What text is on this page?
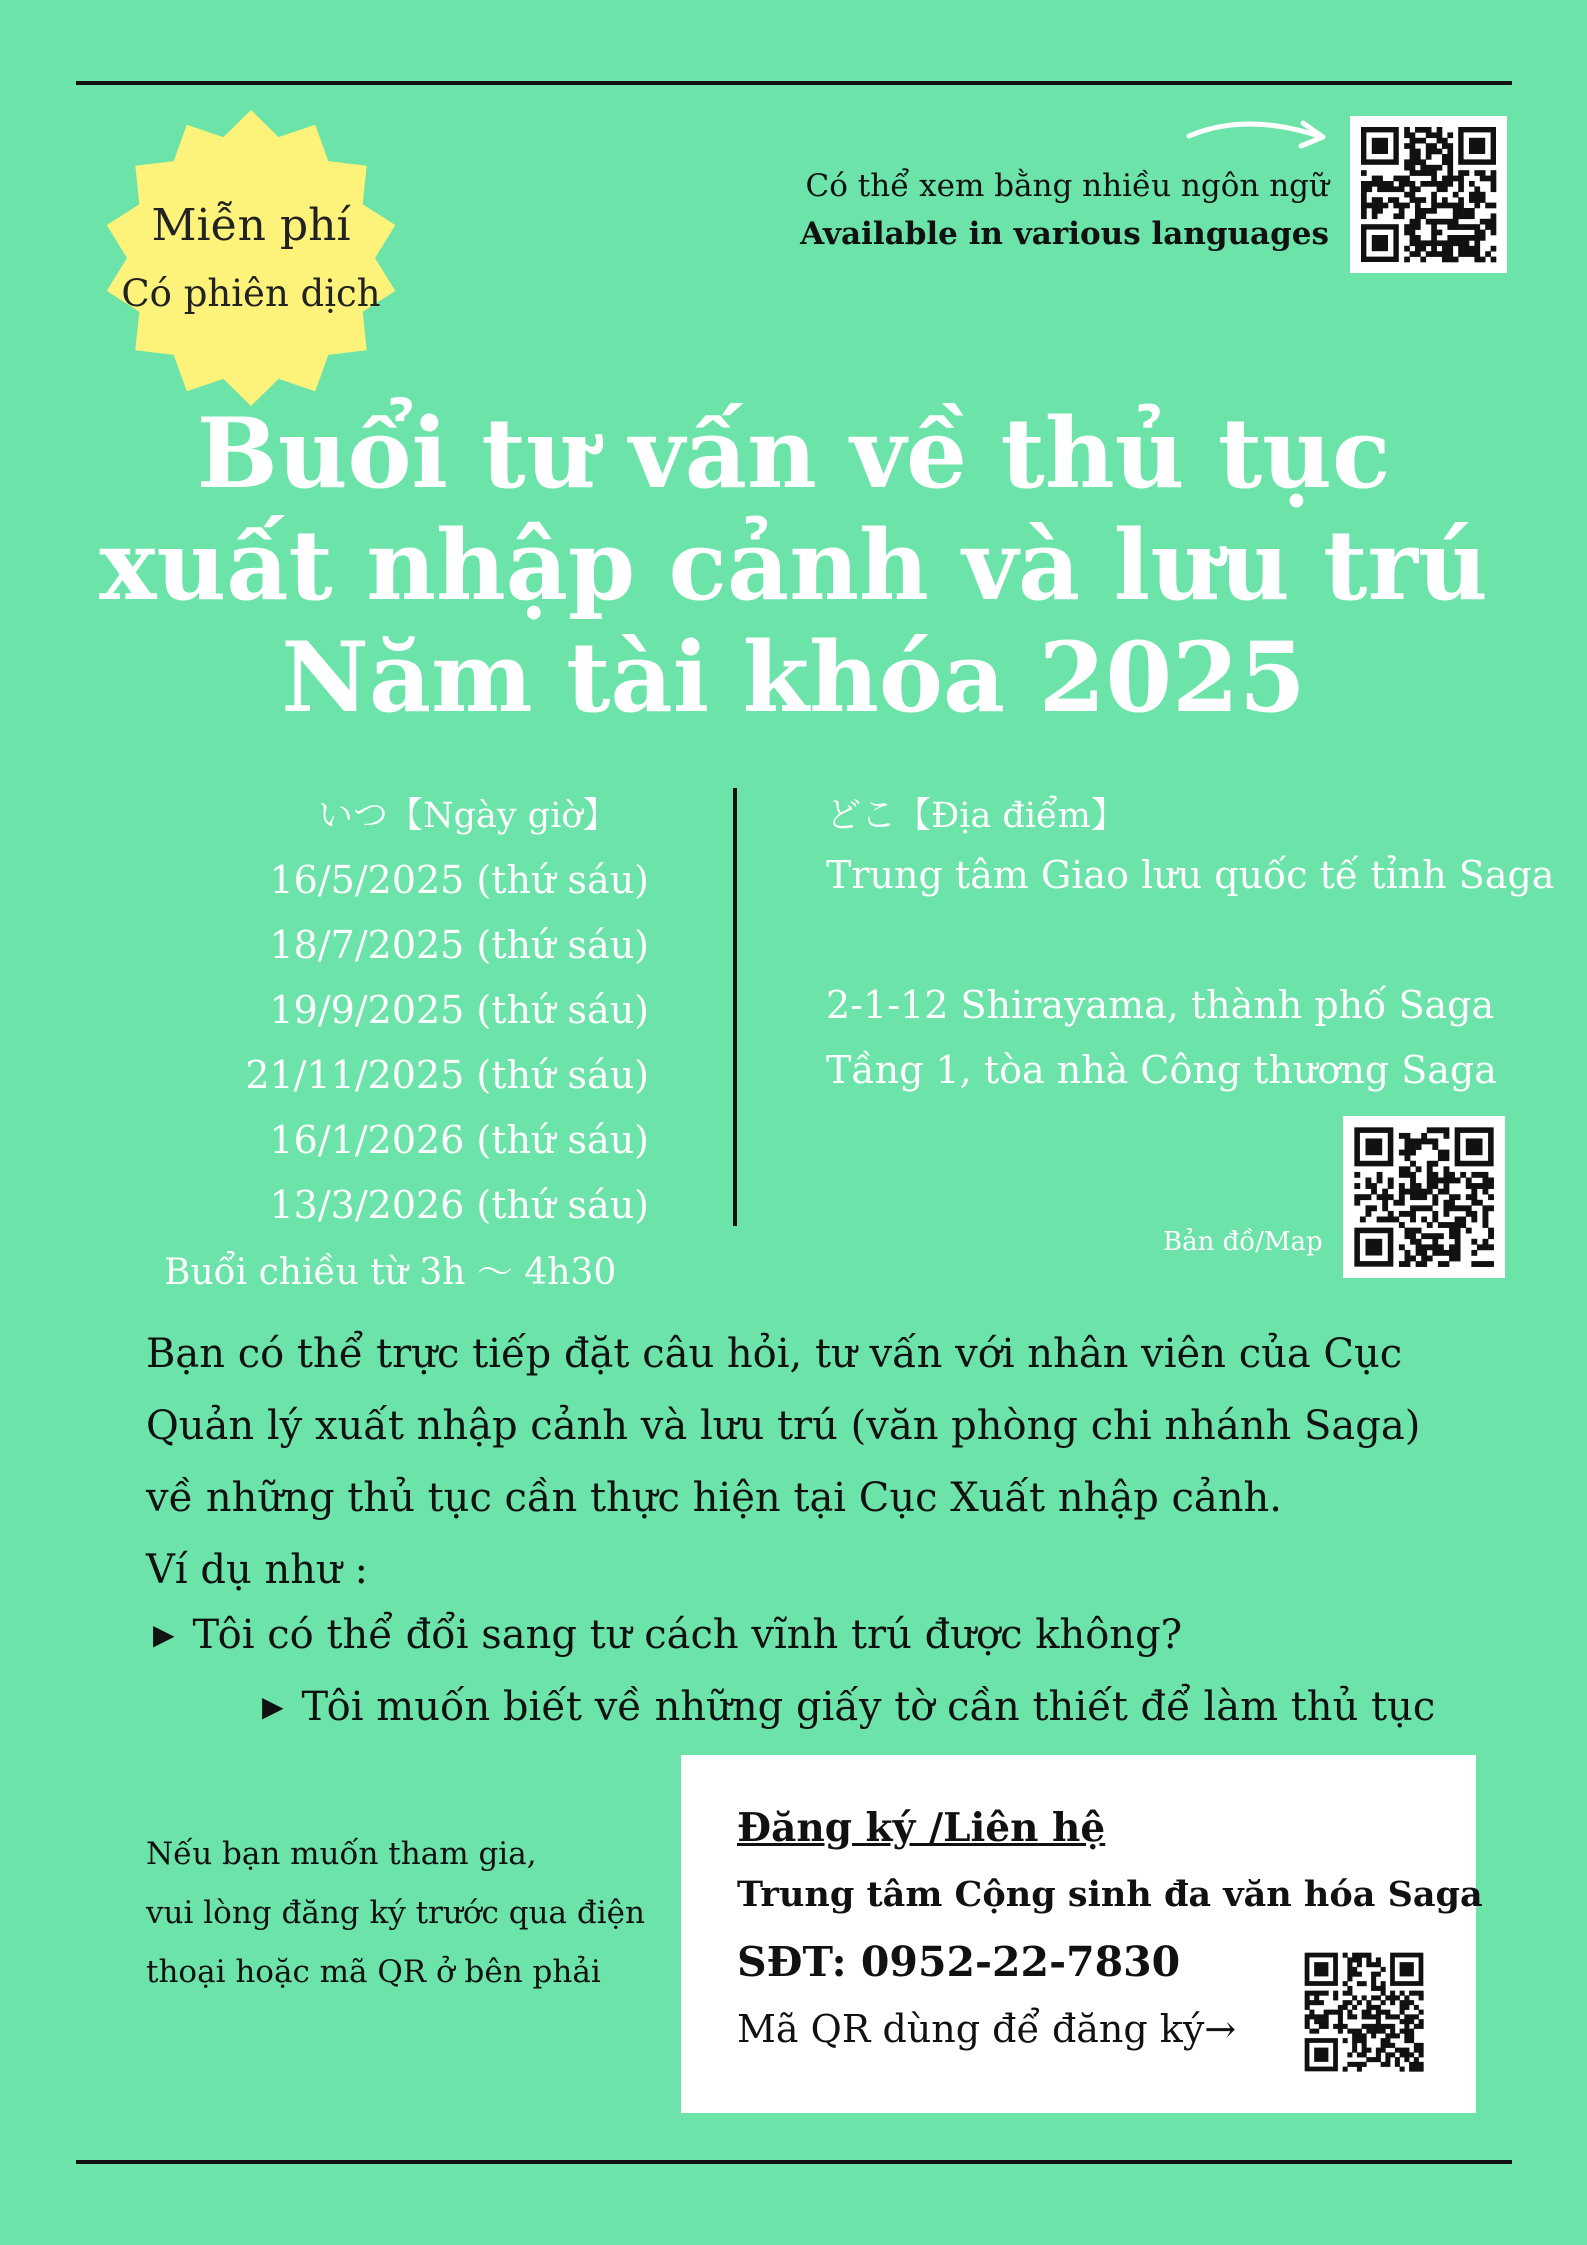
Miễn phí
Có phiên dịch
Có thể xem bằng nhiều ngôn ngữ
Available in various languages
Buổi tư vấn về thủ tục
xuất nhập cảnh và lưu trú
Năm tài khóa 2025
いつ【Ngày giờ】
16/5/2025 (thứ sáu)
18/7/2025 (thứ sáu)
19/9/2025 (thứ sáu)
21/11/2025 (thứ sáu)
16/1/2026 (thứ sáu)
13/3/2026 (thứ sáu)
Buổi chiều từ 3h ～ 4h30
どこ【Địa điểm】
Trung tâm Giao lưu quốc tế tỉnh Saga
2-1-12 Shirayama, thành phố Saga
Tầng 1, tòa nhà Công thương Saga
Bản đồ/Map
Bạn có thể trực tiếp đặt câu hỏi, tư vấn với nhân viên của Cục
Quản lý xuất nhập cảnh và lưu trú (văn phòng chi nhánh Saga)
về những thủ tục cần thực hiện tại Cục Xuất nhập cảnh.
Ví dụ như :
▶ Tôi có thể đổi sang tư cách vĩnh trú được không?
▶ Tôi muốn biết về những giấy tờ cần thiết để làm thủ tục
Nếu bạn muốn tham gia,
vui lòng đăng ký trước qua điện
thoại hoặc mã QR ở bên phải
Đăng ký /Liên hệ
Trung tâm Cộng sinh đa văn hóa Saga
SĐT: 0952-22-7830
Mã QR dùng để đăng ký→
